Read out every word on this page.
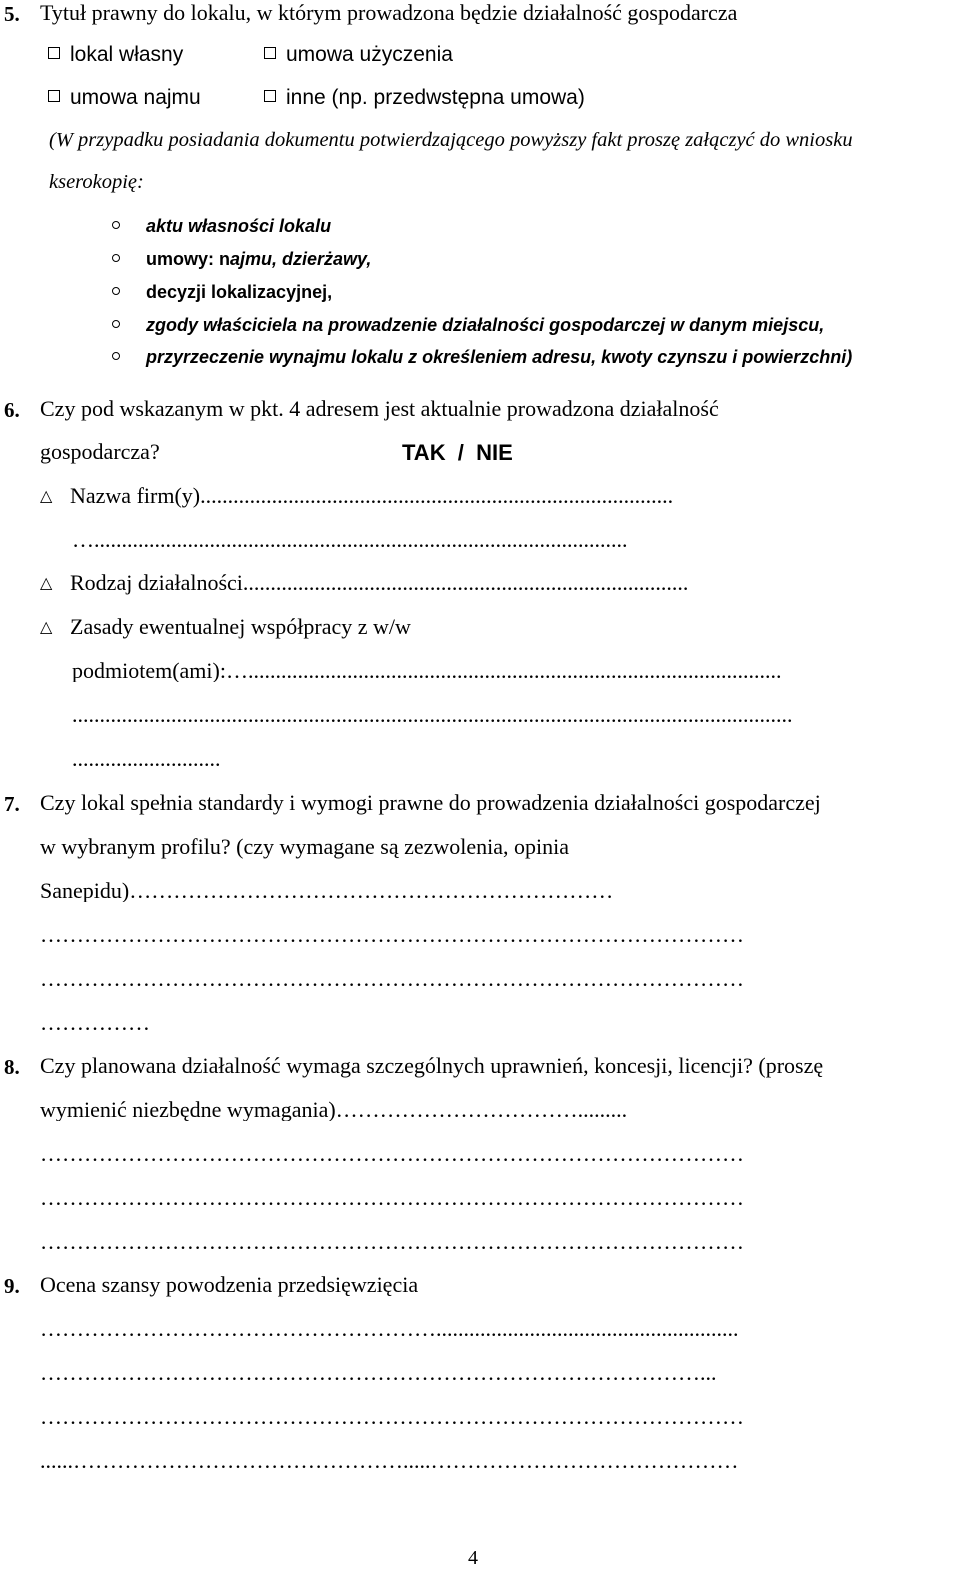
5. Tytuł prawny do lokalu, w którym prowadzona będzie działalność gospodarcza
lokal własny	umowa użyczenia
umowa najmu	inne (np. przedwstępna umowa)
(W przypadku posiadania dokumentu potwierdzającego powyższy fakt proszę załączyć do wniosku
kserokopię:
aktu własności lokalu
umowy: najmu, dzierżawy,
decyzji lokalizacyjnej,
zgody właściciela na prowadzenie działalności gospodarczej w danym miejscu,
przyrzeczenie wynajmu lokalu z określeniem adresu, kwoty czynszu i powierzchni)
6. Czy pod wskazanym w pkt. 4 adresem jest aktualnie prowadzona działalność
gospodarcza?	TAK  /  NIE
△ Nazwa firm(y)......................................................................................
….................................................................................................
△ Rodzaj działalności.................................................................................
△ Zasady ewentualnej współpracy z w/w
podmiotem(ami):….................................................................................................
...................................................................................................................................
...........................
7. Czy lokal spełnia standardy i wymogi prawne do prowadzenia działalności gospodarczej
w wybranym profilu? (czy wymagane są zezwolenia, opinia
Sanepidu)…………………………………………………………
……………………………………………………………………………………
……………………………………………………………………………………
……………
8. Czy planowana działalność wymaga szczególnych uprawnień, koncesji, licencji? (proszę
wymienić niezbędne wymagania)…………………………….........
……………………………………………………………………………………
……………………………………………………………………………………
……………………………………………………………………………………
9. Ocena szansy powodzenia przedsięwzięcia
……………………………………………….......................................................
………………………………………………………………………………...
……………………………………………………………………………………
......……………………………………….....……………………………………
4
